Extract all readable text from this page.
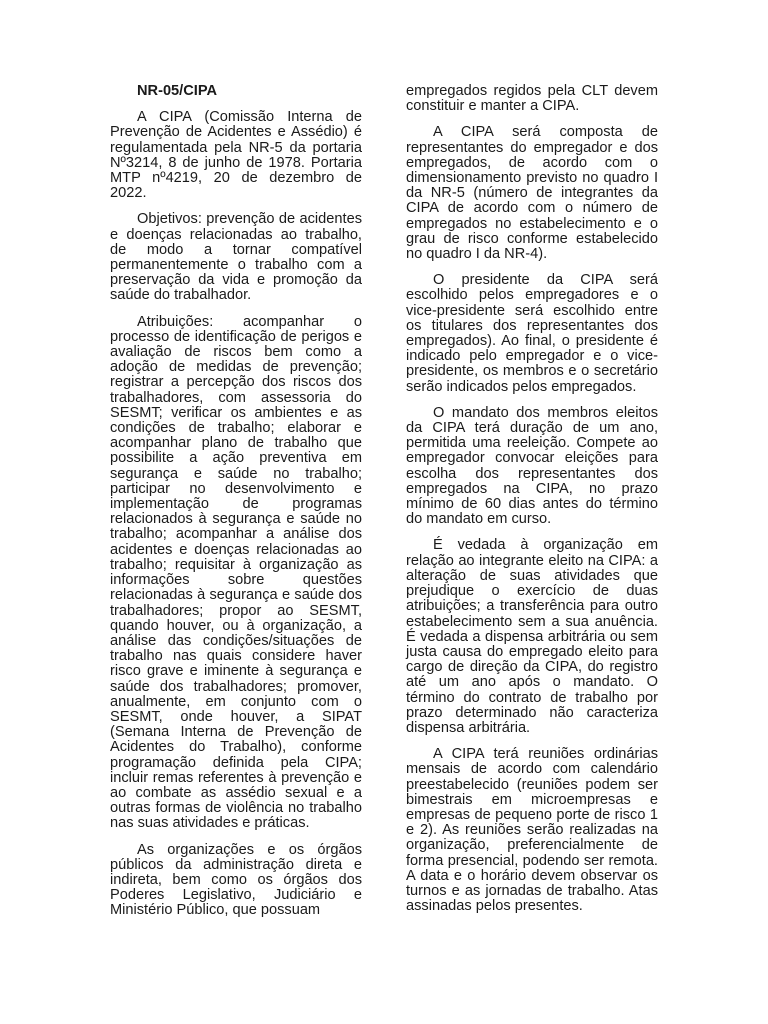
NR-05/CIPA

A CIPA (Comissão Interna de Prevenção de Acidentes e Assédio) é regulamentada pela NR-5 da portaria Nº3214, 8 de junho de 1978. Portaria MTP nº4219, 20 de dezembro de 2022.

Objetivos: prevenção de acidentes e doenças relacionadas ao trabalho, de modo a tornar compatível permanentemente o trabalho com a preservação da vida e promoção da saúde do trabalhador.

Atribuições: acompanhar o processo de identificação de perigos e avaliação de riscos bem como a adoção de medidas de prevenção; registrar a percepção dos riscos dos trabalhadores, com assessoria do SESMT; verificar os ambientes e as condições de trabalho; elaborar e acompanhar plano de trabalho que possibilite a ação preventiva em segurança e saúde no trabalho; participar no desenvolvimento e implementação de programas relacionados à segurança e saúde no trabalho; acompanhar a análise dos acidentes e doenças relacionadas ao trabalho; requisitar à organização as informações sobre questões relacionadas à segurança e saúde dos trabalhadores; propor ao SESMT, quando houver, ou à organização, a análise das condições/situações de trabalho nas quais considere haver risco grave e iminente à segurança e saúde dos trabalhadores; promover, anualmente, em conjunto com o SESMT, onde houver, a SIPAT (Semana Interna de Prevenção de Acidentes do Trabalho), conforme programação definida pela CIPA; incluir remas referentes à prevenção e ao combate as assédio sexual e a outras formas de violência no trabalho nas suas atividades e práticas.

As organizações e os órgãos públicos da administração direta e indireta, bem como os órgãos dos Poderes Legislativo, Judiciário e Ministério Público, que possuam

empregados regidos pela CLT devem constituir e manter a CIPA.

A CIPA será composta de representantes do empregador e dos empregados, de acordo com o dimensionamento previsto no quadro I da NR-5 (número de integrantes da CIPA de acordo com o número de empregados no estabelecimento e o grau de risco conforme estabelecido no quadro I da NR-4).

O presidente da CIPA será escolhido pelos empregadores e o vice-presidente será escolhido entre os titulares dos representantes dos empregados). Ao final, o presidente é indicado pelo empregador e o vice-presidente, os membros e o secretário serão indicados pelos empregados.

O mandato dos membros eleitos da CIPA terá duração de um ano, permitida uma reeleição. Compete ao empregador convocar eleições para escolha dos representantes dos empregados na CIPA, no prazo mínimo de 60 dias antes do término do mandato em curso.

É vedada à organização em relação ao integrante eleito na CIPA: a alteração de suas atividades que prejudique o exercício de duas atribuições; a transferência para outro estabelecimento sem a sua anuência. É vedada a dispensa arbitrária ou sem justa causa do empregado eleito para cargo de direção da CIPA, do registro até um ano após o mandato. O término do contrato de trabalho por prazo determinado não caracteriza dispensa arbitrária.

A CIPA terá reuniões ordinárias mensais de acordo com calendário preestabelecido (reuniões podem ser bimestrais em microempresas e empresas de pequeno porte de risco 1 e 2). As reuniões serão realizadas na organização, preferencialmente de forma presencial, podendo ser remota. A data e o horário devem observar os turnos e as jornadas de trabalho. Atas assinadas pelos presentes.
